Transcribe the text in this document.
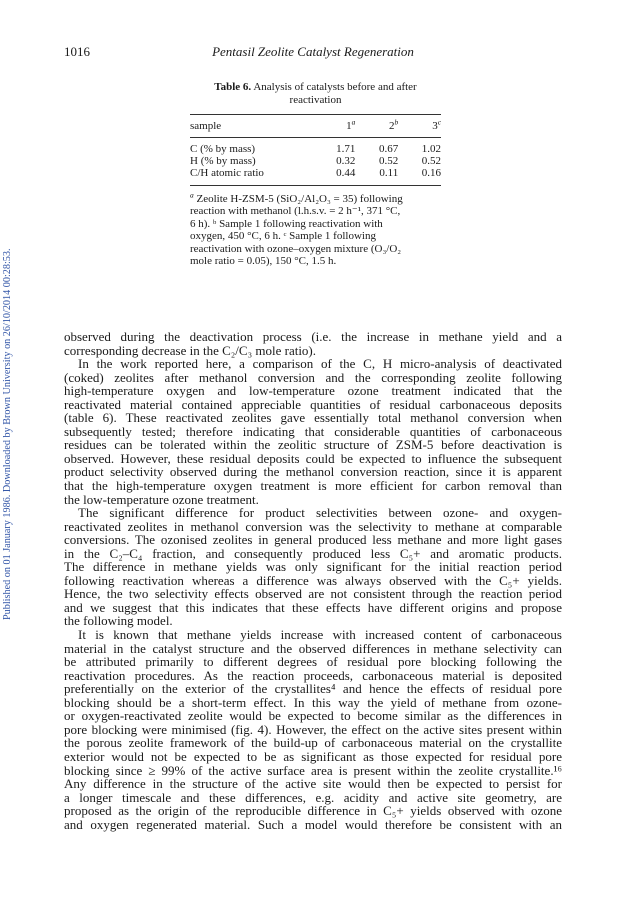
Published on 01 January 1986. Downloaded by Brown University on 26/10/2014 00:28:53.
1016	Pentasil Zeolite Catalyst Regeneration
Table 6. Analysis of catalysts before and after
reactivation
sample	1$^a$	2$^b$	3$^c$
C (% by mass)	1.71	0.67	1.02
H (% by mass)	0.32	0.52	0.52
C/H atomic ratio	0.44	0.11	0.16
$^a$ Zeolite H-ZSM-5 (SiO₂/Al₂O₃ = 35) following
reaction with methanol (l.h.s.v. = 2 h⁻¹, 371 °C,
6 h). ᵇ Sample 1 following reactivation with
oxygen, 450 °C, 6 h. ᶜ Sample 1 following
reactivation with ozone–oxygen mixture (O₃/O₂
mole ratio = 0.05), 150 °C, 1.5 h.

observed during the deactivation process (i.e. the increase in methane yield and a

corresponding decrease in the C₂/C₃ mole ratio).

In the work reported here, a comparison of the C, H micro-analysis of deactivated

(coked) zeolites after methanol conversion and the corresponding zeolite following

high-temperature oxygen and low-temperature ozone treatment indicated that the

reactivated material contained appreciable quantities of residual carbonaceous deposits

(table 6). These reactivated zeolites gave essentially total methanol conversion when

subsequently tested; therefore indicating that considerable quantities of carbonaceous

residues can be tolerated within the zeolitic structure of ZSM-5 before deactivation is

observed. However, these residual deposits could be expected to influence the subsequent

product selectivity observed during the methanol conversion reaction, since it is apparent

that the high-temperature oxygen treatment is more efficient for carbon removal than

the low-temperature ozone treatment.

The significant difference for product selectivities between ozone- and oxygen-

reactivated zeolites in methanol conversion was the selectivity to methane at comparable

conversions. The ozonised zeolites in general produced less methane and more light gases

in the C₂–C₄ fraction, and consequently produced less C₅+ and aromatic products.

The difference in methane yields was only significant for the initial reaction period

following reactivation whereas a difference was always observed with the C₅+ yields.

Hence, the two selectivity effects observed are not consistent through the reaction period

and we suggest that this indicates that these effects have different origins and propose

the following model.

It is known that methane yields increase with increased content of carbonaceous

material in the catalyst structure and the observed differences in methane selectivity can

be attributed primarily to different degrees of residual pore blocking following the

reactivation procedures. As the reaction proceeds, carbonaceous material is deposited

preferentially on the exterior of the crystallites⁴ and hence the effects of residual pore

blocking should be a short-term effect. In this way the yield of methane from ozone-

or oxygen-reactivated zeolite would be expected to become similar as the differences in

pore blocking were minimised (fig. 4). However, the effect on the active sites present within

the porous zeolite framework of the build-up of carbonaceous material on the crystallite

exterior would not be expected to be as significant as those expected for residual pore

blocking since ≥ 99% of the active surface area is present within the zeolite crystallite.¹⁶

Any difference in the structure of the active site would then be expected to persist for

a longer timescale and these differences, e.g. acidity and active site geometry, are

proposed as the origin of the reproducible difference in C₅+ yields observed with ozone

and oxygen regenerated material. Such a model would therefore be consistent with an
